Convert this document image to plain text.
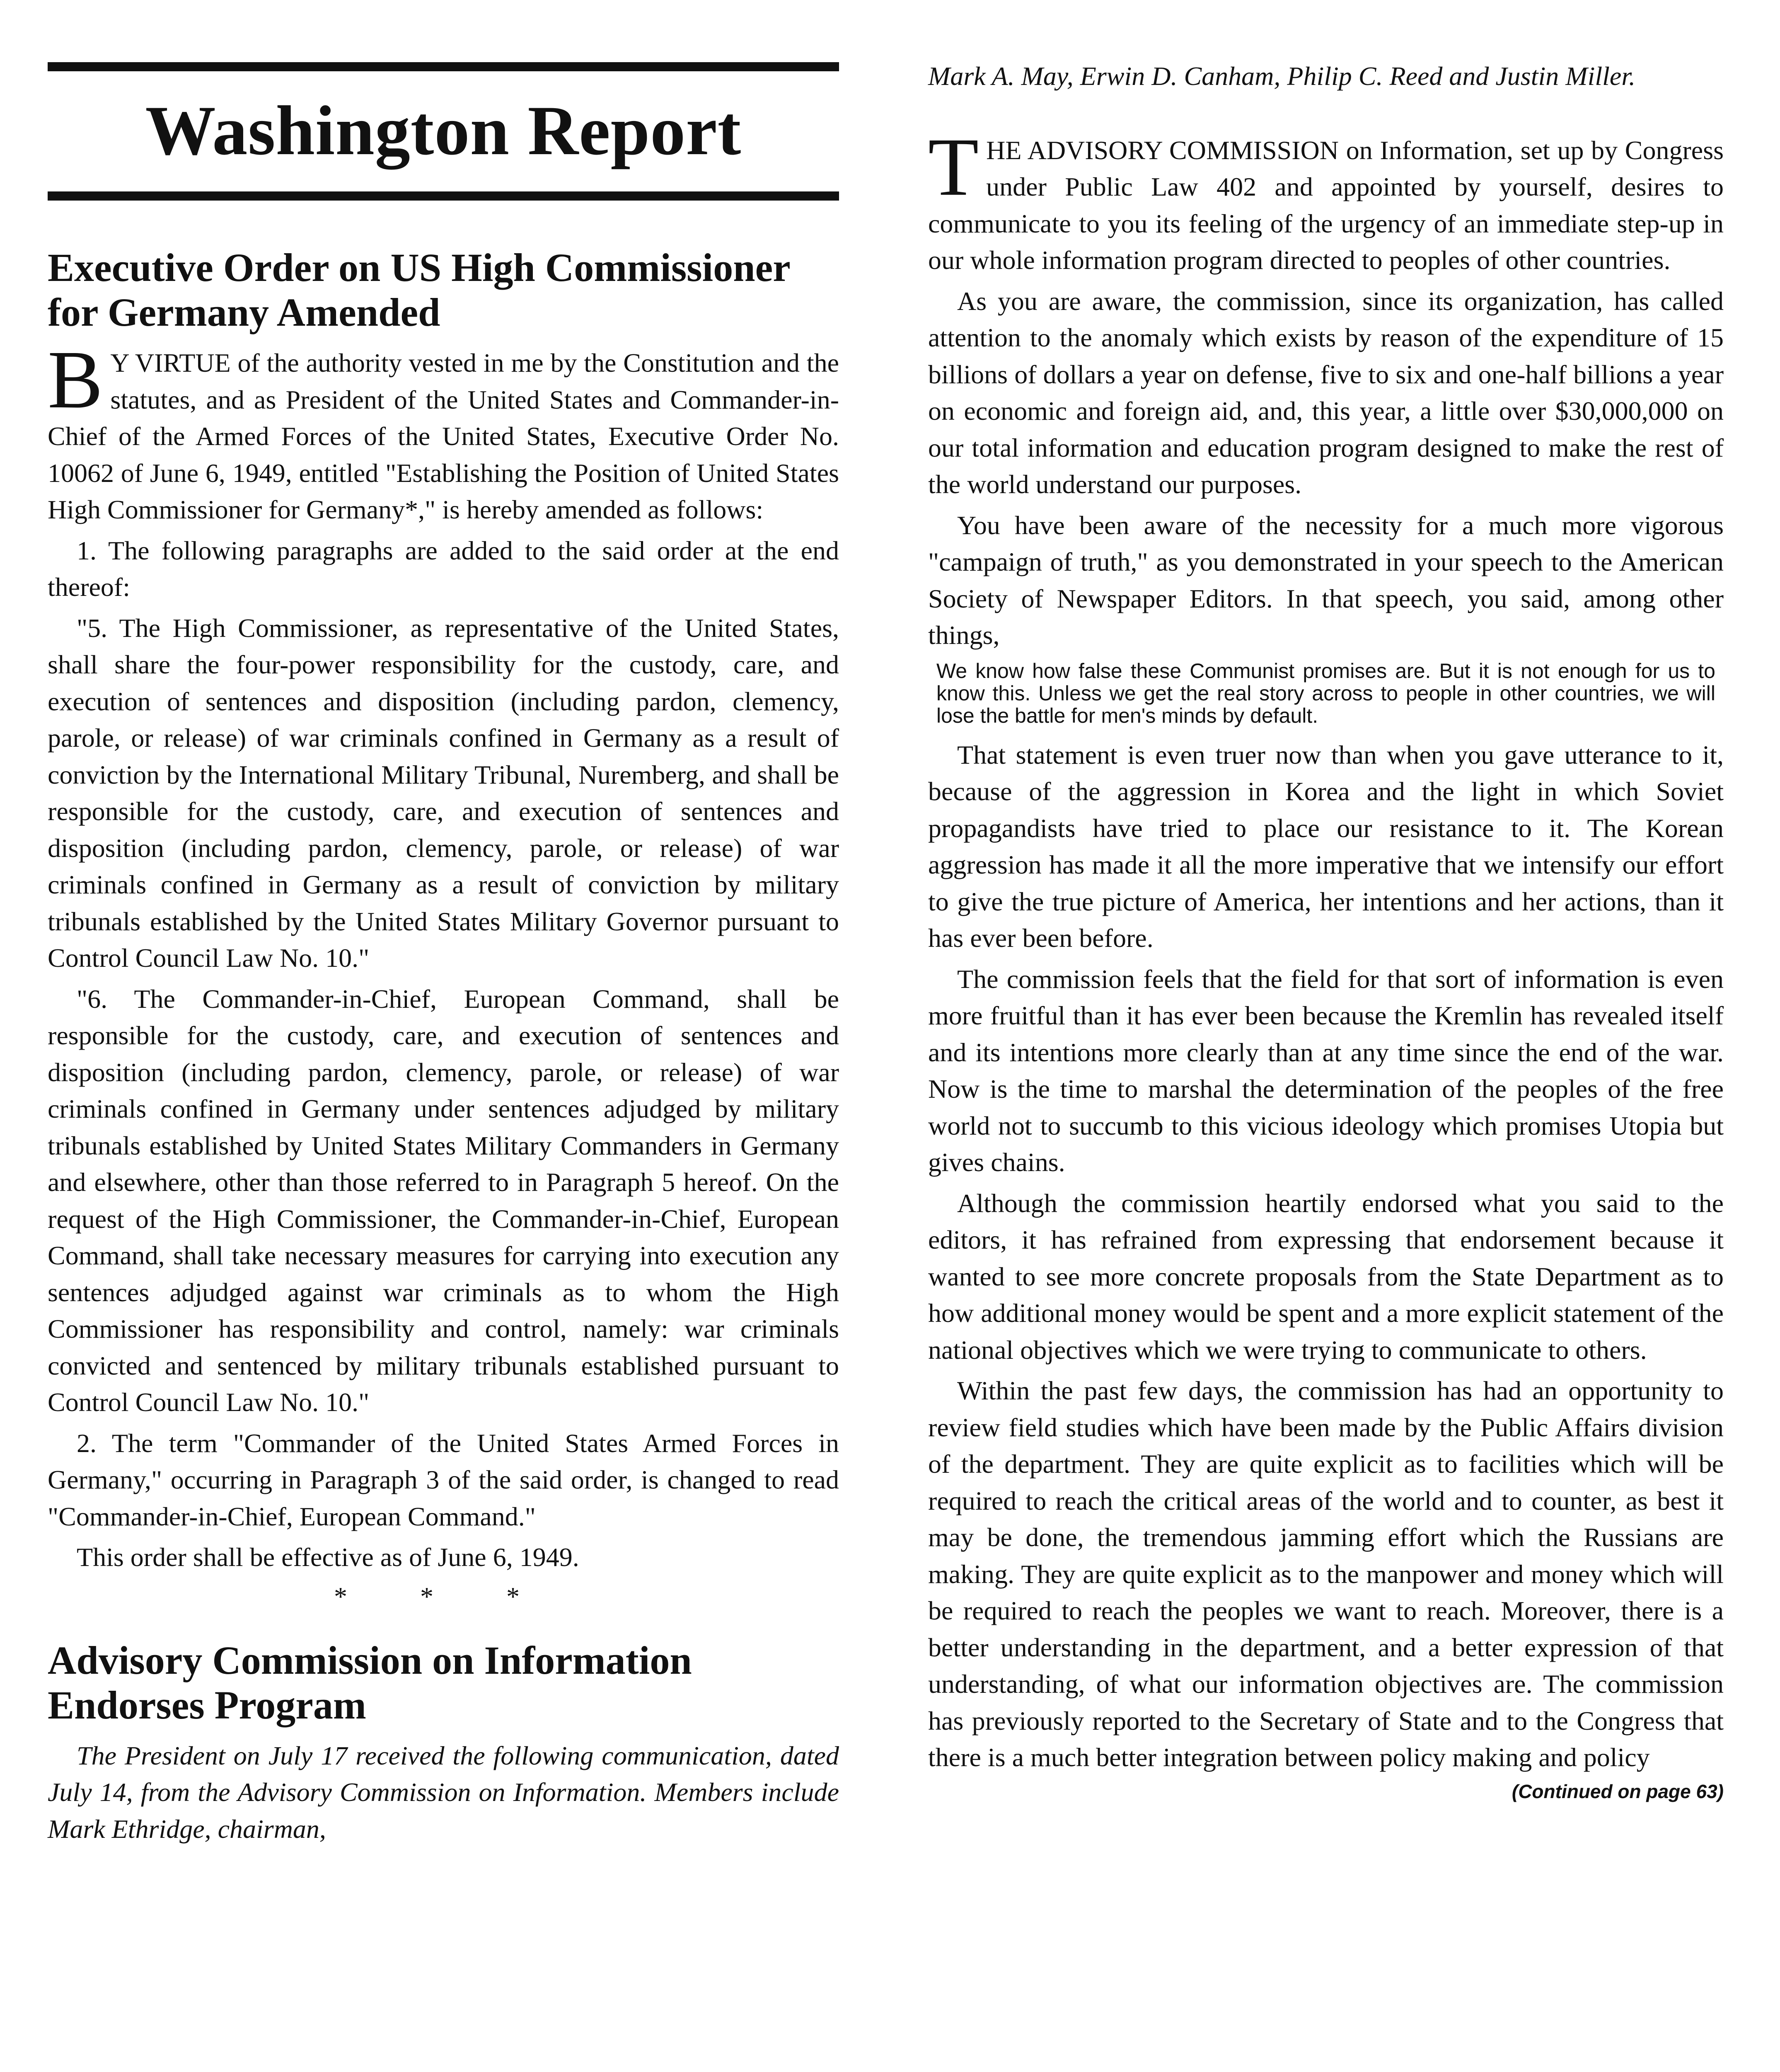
Washington Report
Executive Order on US High Commissioner for Germany Amended

B Y VIRTUE of the authority vested in me by the Constitution and the statutes, and as President of the United States and Commander-in-Chief of the Armed Forces of the United States, Executive Order No. 10062 of June 6, 1949, entitled "Establishing the Position of United States High Commissioner for Germany*," is hereby amended as follows:

1. The following paragraphs are added to the said order at the end thereof:

"5. The High Commissioner, as representative of the United States, shall share the four-power responsibility for the custody, care, and execution of sentences and disposition (including pardon, clemency, parole, or release) of war criminals confined in Germany as a result of conviction by the International Military Tribunal, Nuremberg, and shall be responsible for the custody, care, and execution of sentences and disposition (including pardon, clemency, parole, or release) of war criminals confined in Germany as a result of conviction by military tribunals established by the United States Military Governor pursuant to Control Council Law No. 10."

"6. The Commander-in-Chief, European Command, shall be responsible for the custody, care, and execution of sentences and disposition (including pardon, clemency, parole, or release) of war criminals confined in Germany under sentences adjudged by military tribunals established by United States Military Commanders in Germany and elsewhere, other than those referred to in Paragraph 5 hereof. On the request of the High Commissioner, the Commander-in-Chief, European Command, shall take necessary measures for carrying into execution any sentences adjudged against war criminals as to whom the High Commissioner has responsibility and control, namely: war criminals convicted and sentenced by military tribunals established pursuant to Control Council Law No. 10."

2. The term "Commander of the United States Armed Forces in Germany," occurring in Paragraph 3 of the said order, is changed to read "Commander-in-Chief, European Command."

This order shall be effective as of June 6, 1949.

* * *
Advisory Commission on Information Endorses Program

The President on July 17 received the following communication, dated July 14, from the Advisory Commission on Information. Members include Mark Ethridge, chairman,

Mark A. May, Erwin D. Canham, Philip C. Reed and Justin Miller.

THE ADVISORY COMMISSION on Information, set up by Congress under Public Law 402 and appointed by yourself, desires to communicate to you its feeling of the urgency of an immediate step-up in our whole information program directed to peoples of other countries.

As you are aware, the commission, since its organization, has called attention to the anomaly which exists by reason of the expenditure of 15 billions of dollars a year on defense, five to six and one-half billions a year on economic and foreign aid, and, this year, a little over $30,000,000 on our total information and education program designed to make the rest of the world understand our purposes.

You have been aware of the necessity for a much more vigorous "campaign of truth," as you demonstrated in your speech to the American Society of Newspaper Editors. In that speech, you said, among other things,

We know how false these Communist promises are. But it is not enough for us to know this. Unless we get the real story across to people in other countries, we will lose the battle for men's minds by default.

That statement is even truer now than when you gave utterance to it, because of the aggression in Korea and the light in which Soviet propagandists have tried to place our resistance to it. The Korean aggression has made it all the more imperative that we intensify our effort to give the true picture of America, her intentions and her actions, than it has ever been before.

The commission feels that the field for that sort of information is even more fruitful than it has ever been because the Kremlin has revealed itself and its intentions more clearly than at any time since the end of the war. Now is the time to marshal the determination of the peoples of the free world not to succumb to this vicious ideology which promises Utopia but gives chains.

Although the commission heartily endorsed what you said to the editors, it has refrained from expressing that endorsement because it wanted to see more concrete proposals from the State Department as to how additional money would be spent and a more explicit statement of the national objectives which we were trying to communicate to others.

Within the past few days, the commission has had an opportunity to review field studies which have been made by the Public Affairs division of the department. They are quite explicit as to facilities which will be required to reach the critical areas of the world and to counter, as best it may be done, the tremendous jamming effort which the Russians are making. They are quite explicit as to the manpower and money which will be required to reach the peoples we want to reach. Moreover, there is a better understanding in the department, and a better expression of that understanding, of what our information objectives are. The commission has previously reported to the Secretary of State and to the Congress that there is a much better integration between policy making and policy

(Continued on page 63)
